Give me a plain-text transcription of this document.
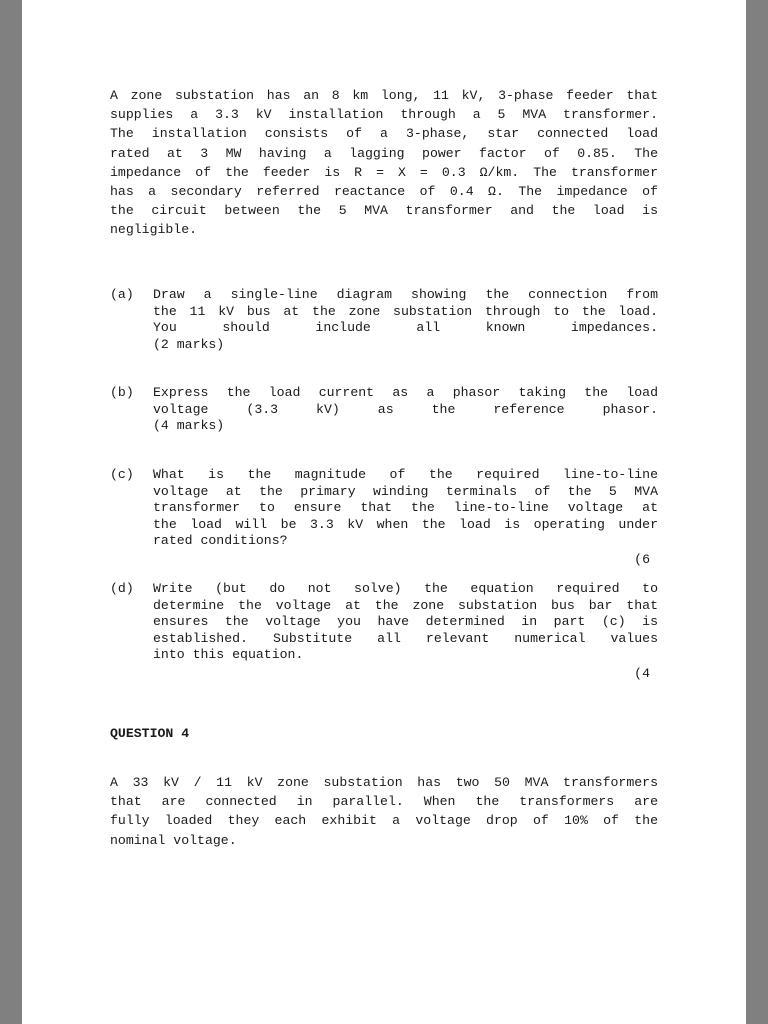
A zone substation has an 8 km long, 11 kV, 3-phase feeder that
supplies a 3.3 kV installation through a 5 MVA transformer.
The installation consists of a 3-phase, star connected load
rated at 3 MW having a lagging power factor of 0.85. The
impedance of the feeder is R = X = 0.3 Ω/km. The transformer
has a secondary referred reactance of 0.4 Ω. The impedance of
the circuit between the 5 MVA transformer and the load is
negligible.
(a) Draw a single-line diagram showing the connection from
the 11 kV bus at the zone substation through to the load.
You should include all known impedances.
(2 marks)
(b) Express the load current as a phasor taking the load
voltage (3.3 kV) as the reference phasor.
(4 marks)
(c) What is the magnitude of the required line-to-line
voltage at the primary winding terminals of the 5 MVA
transformer to ensure that the line-to-line voltage at
the load will be 3.3 kV when the load is operating under
rated conditions?
(6
(d) Write (but do not solve) the equation required to
determine the voltage at the zone substation bus bar that
ensures the voltage you have determined in part (c) is
established. Substitute all relevant numerical values
into this equation.
(4
QUESTION 4
A 33 kV / 11 kV zone substation has two 50 MVA transformers
that are connected in parallel. When the transformers are
fully loaded they each exhibit a voltage drop of 10% of the
nominal voltage.
